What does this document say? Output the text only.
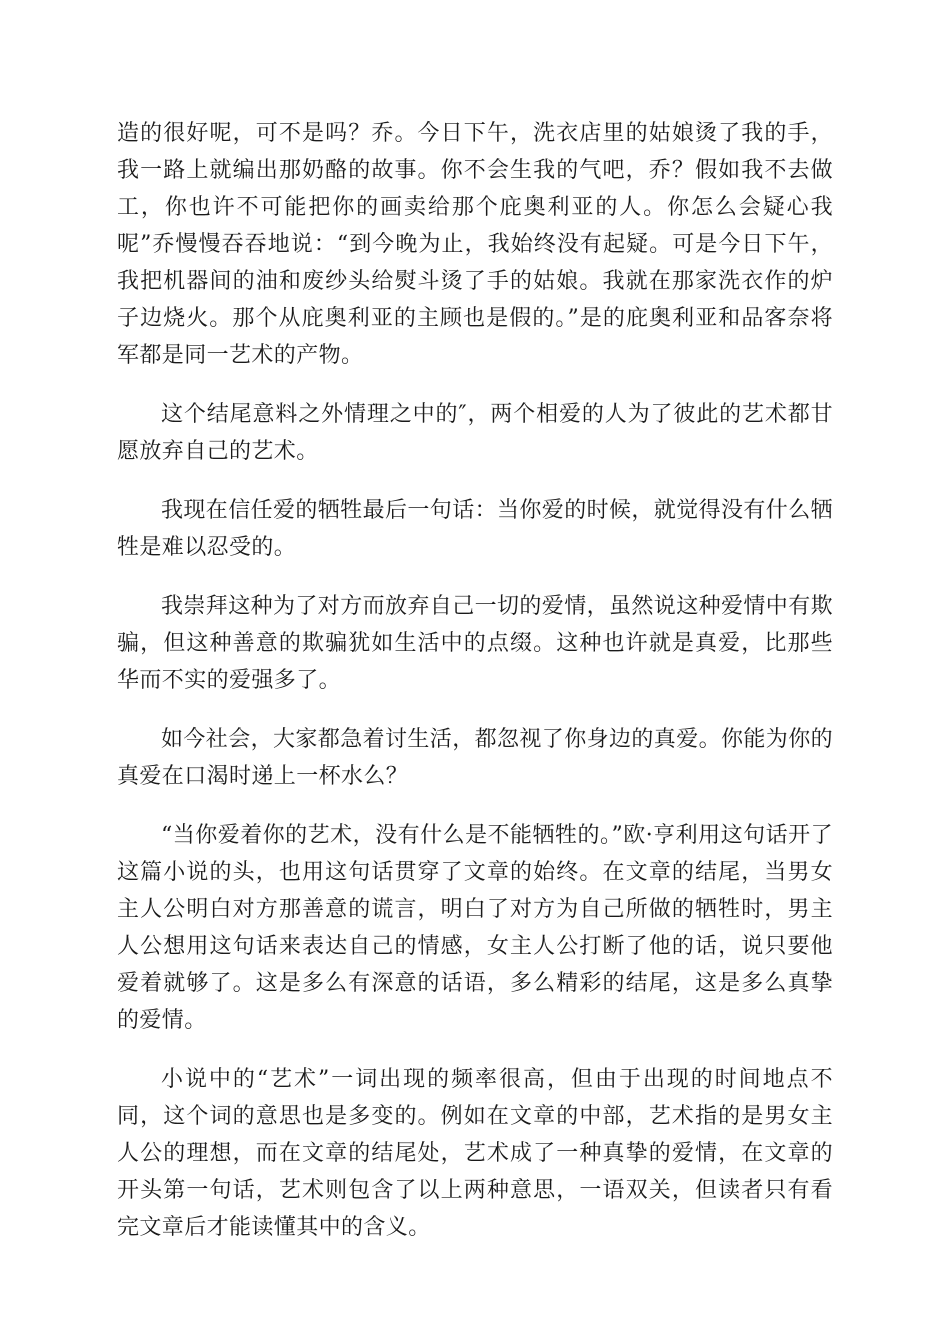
造的很好呢，可不是吗？乔。今日下午，洗衣店里的姑娘烫了我的手，我一路上就编出那奶酪的故事。你不会生我的气吧，乔？假如我不去做工，你也许不可能把你的画卖给那个庇奥利亚的人。你怎么会疑心我呢”乔慢慢吞吞地说：“到今晚为止，我始终没有起疑。可是今日下午，我把机器间的油和废纱头给熨斗烫了手的姑娘。我就在那家洗衣作的炉子边烧火。那个从庇奥利亚的主顾也是假的。”是的庇奥利亚和品客奈将军都是同一艺术的产物。

这个结尾意料之外情理之中的″，两个相爱的人为了彼此的艺术都甘愿放弃自己的艺术。

我现在信任爱的牺牲最后一句话：当你爱的时候，就觉得没有什么牺牲是难以忍受的。

我崇拜这种为了对方而放弃自己一切的爱情，虽然说这种爱情中有欺骗，但这种善意的欺骗犹如生活中的点缀。这种也许就是真爱，比那些华而不实的爱强多了。

如今社会，大家都急着讨生活，都忽视了你身边的真爱。你能为你的真爱在口渴时递上一杯水么？

“当你爱着你的艺术，没有什么是不能牺牲的。”欧·亨利用这句话开了这篇小说的头，也用这句话贯穿了文章的始终。在文章的结尾，当男女主人公明白对方那善意的谎言，明白了对方为自己所做的牺牲时，男主人公想用这句话来表达自己的情感，女主人公打断了他的话，说只要他爱着就够了。这是多么有深意的话语，多么精彩的结尾，这是多么真挚的爱情。

小说中的“艺术”一词出现的频率很高，但由于出现的时间地点不同，这个词的意思也是多变的。例如在文章的中部，艺术指的是男女主人公的理想，而在文章的结尾处，艺术成了一种真挚的爱情，在文章的开头第一句话，艺术则包含了以上两种意思，一语双关，但读者只有看完文章后才能读懂其中的含义。
